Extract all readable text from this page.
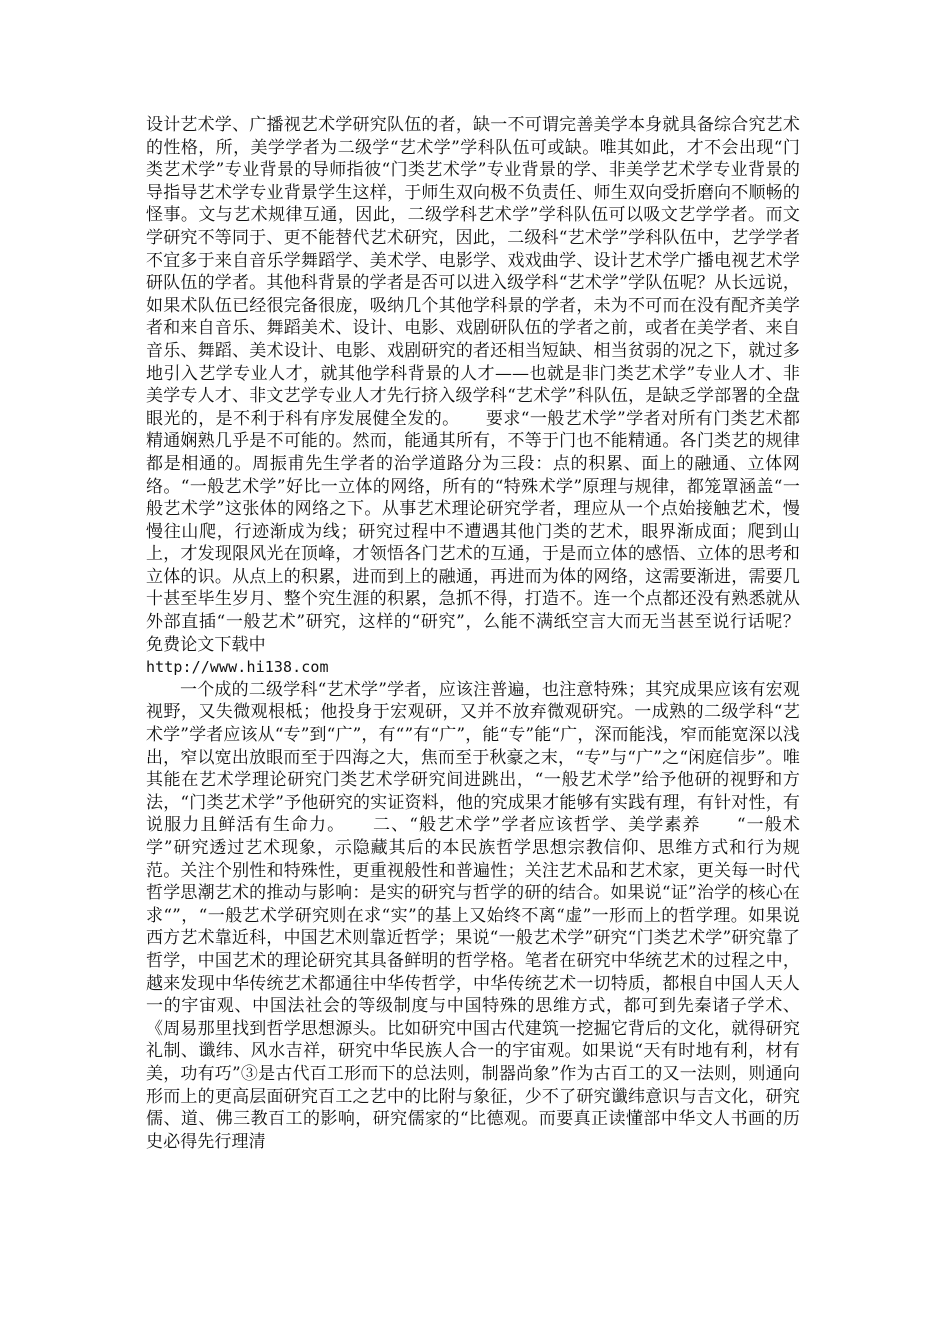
设计艺术学、广播视艺术学研究队伍的者，缺一不可谓完善美学本身就具备综合究艺术的性格，所，美学学者为二级学“艺术学”学科队伍可或缺。唯其如此，才不会出现“门类艺术学”专业背景的导师指彼“门类艺术学”专业背景的学、非美学艺术学专业背景的导指导艺术学专业背景学生这样，于师生双向极不负责任、师生双向受折磨向不顺畅的怪事。文与艺术规律互通，因此，二级学科艺术学”学科队伍可以吸文艺学学者。而文学研究不等同于、更不能替代艺术研究，因此，二级科“艺术学”学科队伍中，艺学学者不宜多于来自音乐学舞蹈学、美术学、电影学、戏戏曲学、设计艺术学广播电视艺术学研队伍的学者。其他科背景的学者是否可以进入级学科“艺术学”学队伍呢？从长远说，如果术队伍已经很完备很庞，吸纳几个其他学科景的学者，未为不可而在没有配齐美学者和来自音乐、舞蹈美术、设计、电影、戏剧研队伍的学者之前，或者在美学者、来自音乐、舞蹈、美术设计、电影、戏剧研究的者还相当短缺、相当贫弱的况之下，就过多地引入艺学专业人才，就其他学科背景的人才——也就是非门类艺术学”专业人才、非美学专人才、非文艺学专业人才先行挤入级学科“艺术学”科队伍，是缺乏学部署的全盘眼光的，是不利于科有序发展健全发的。　　要求“一般艺术学”学者对所有门类艺术都精通娴熟几乎是不可能的。然而，能通其所有，不等于门也不能精通。各门类艺的规律都是相通的。周振甫先生学者的治学道路分为三段：点的积累、面上的融通、立体网络。“一般艺术学”好比一立体的网络，所有的“特殊术学”原理与规律，都笼罩涵盖“一般艺术学”这张体的网络之下。从事艺术理论研究学者，理应从一个点始接触艺术，慢慢往山爬，行迹渐成为线；研究过程中不遭遇其他门类的艺术，眼界渐成面；爬到山上，才发现限风光在顶峰，才领悟各门艺术的互通，于是而立体的感悟、立体的思考和立体的识。从点上的积累，进而到上的融通，再进而为体的网络，这需要渐进，需要几十甚至毕生岁月、整个究生涯的积累，急抓不得，打造不。连一个点都还没有熟悉就从外部直插“一般艺术”研究，这样的“研究”，么能不满纸空言大而无当甚至说行话呢？　　免费论文下载中

http://www.hi138.com

一个成的二级学科“艺术学”学者，应该注普遍，也注意特殊；其究成果应该有宏观视野，又失微观根柢；他投身于宏观研，又并不放弃微观研究。一成熟的二级学科“艺术学”学者应该从“专”到“广”，有“”有“广”，能“专”能“广，深而能浅，窄而能宽深以浅出，窄以宽出放眼而至于四海之大，焦而至于秋豪之末，“专”与“广”之“闲庭信步”。唯其能在艺术学理论研究门类艺术学研究间进跳出，“一般艺术学”给予他研的视野和方法，“门类艺术学”予他研究的实证资料，他的究成果才能够有实践有理，有针对性，有说服力且鲜活有生命力。　　二、“般艺术学”学者应该哲学、美学素养　　“一般术学”研究透过艺术现象，示隐藏其后的本民族哲学思想宗教信仰、思维方式和行为规范。关注个别性和特殊性，更重视般性和普遍性；关注艺术品和艺术家，更关每一时代哲学思潮艺术的推动与影响：是实的研究与哲学的研的结合。如果说“证”治学的核心在求“”，“一般艺术学研究则在求“实”的基上又始终不离“虚”一形而上的哲学理。如果说西方艺术靠近科，中国艺术则靠近哲学；果说“一般艺术学”研究“门类艺术学”研究靠了哲学，中国艺术的理论研究其具备鲜明的哲学格。笔者在研究中华统艺术的过程之中，越来发现中华传统艺术都通往中华传哲学，中华传统艺术一切特质，都根自中国人天人一的宇宙观、中国法社会的等级制度与中国特殊的思维方式，都可到先秦诸子学术、《周易那里找到哲学思想源头。比如研究中国古代建筑一挖掘它背后的文化，就得研究礼制、谶纬、风水吉祥，研究中华民族人合一的宇宙观。如果说“天有时地有利，材有美，功有巧”③是古代百工形而下的总法则，制器尚象”作为古百工的又一法则，则通向形而上的更高层面研究百工之艺中的比附与象征，少不了研究谶纬意识与吉文化，研究儒、道、佛三教百工的影响，研究儒家的“比德观。而要真正读懂部中华文人书画的历史必得先行理清
